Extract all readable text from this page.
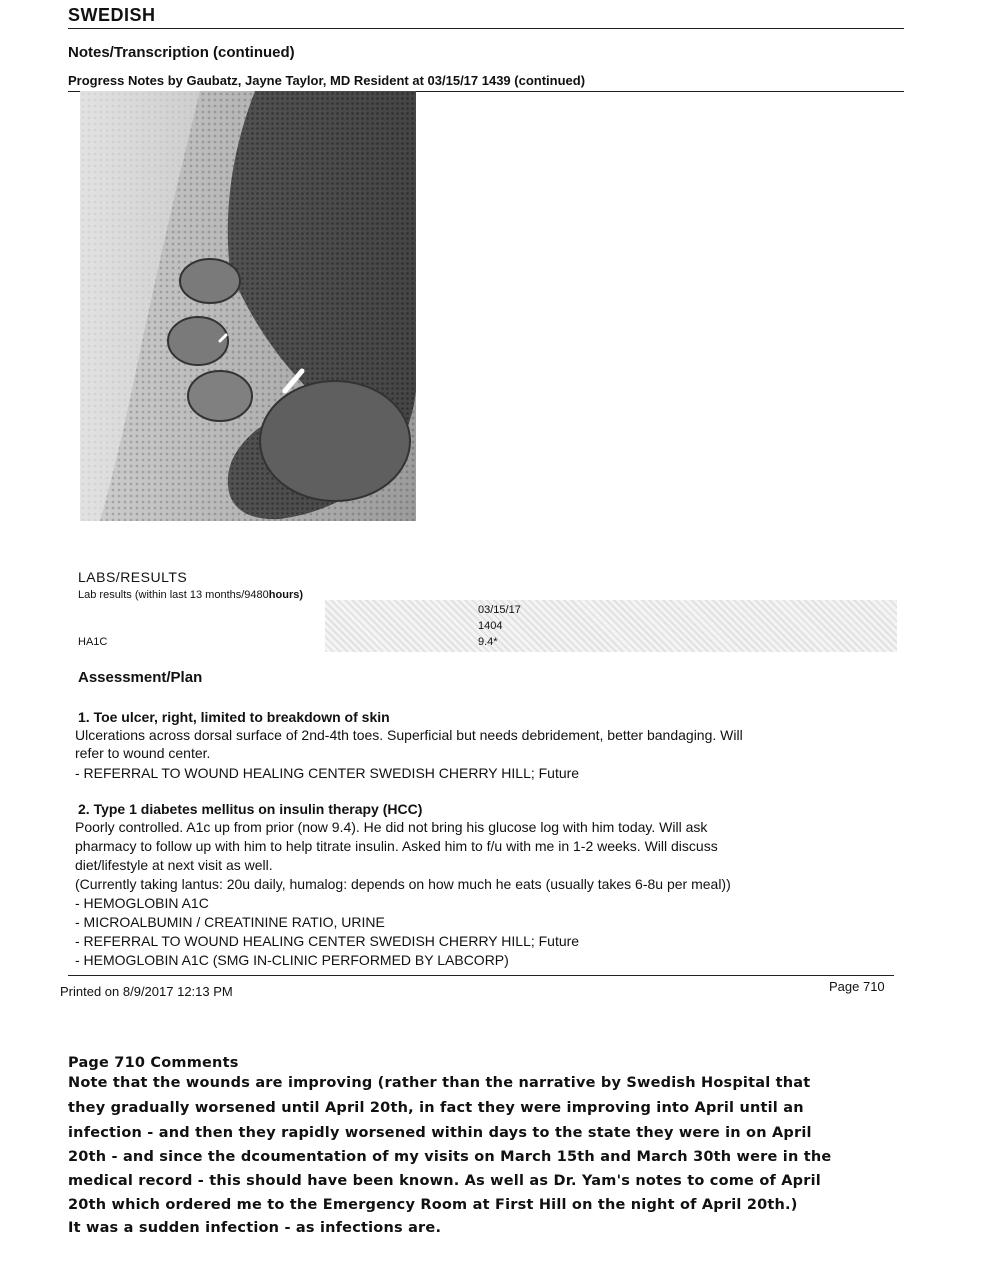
SWEDISH
Notes/Transcription (continued)
Progress Notes by Gaubatz, Jayne Taylor, MD Resident at 03/15/17 1439 (continued)
LABS/RESULTS
Lab results (within last 13 months/9480hours)
03/15/17
1404
HA1C	9.4*
Assessment/Plan
1. Toe ulcer, right, limited to breakdown of skin
Ulcerations across dorsal surface of 2nd-4th toes. Superficial but needs debridement, better bandaging. Will
refer to wound center.
- REFERRAL TO WOUND HEALING CENTER SWEDISH CHERRY HILL; Future
2. Type 1 diabetes mellitus on insulin therapy (HCC)
Poorly controlled. A1c up from prior (now 9.4). He did not bring his glucose log with him today. Will ask
pharmacy to follow up with him to help titrate insulin. Asked him to f/u with me in 1-2 weeks. Will discuss
diet/lifestyle at next visit as well.
(Currently taking lantus: 20u daily, humalog: depends on how much he eats (usually takes 6-8u per meal))
- HEMOGLOBIN A1C
- MICROALBUMIN / CREATININE RATIO, URINE
- REFERRAL TO WOUND HEALING CENTER SWEDISH CHERRY HILL; Future
- HEMOGLOBIN A1C (SMG IN-CLINIC PERFORMED BY LABCORP)
Printed on 8/9/2017 12:13 PM	Page 710
Page 710 Comments
Note that the wounds are improving (rather than the narrative by Swedish Hospital that
they gradually worsened until April 20th, in fact they were improving into April until an
infection - and then they rapidly worsened within days to the state they were in on April
20th - and since the dcoumentation of my visits on March 15th and March 30th were in the
medical record - this should have been known. As well as Dr. Yam's notes to come of April
20th which ordered me to the Emergency Room at First Hill on the night of April 20th.)
It was a sudden infection - as infections are.
